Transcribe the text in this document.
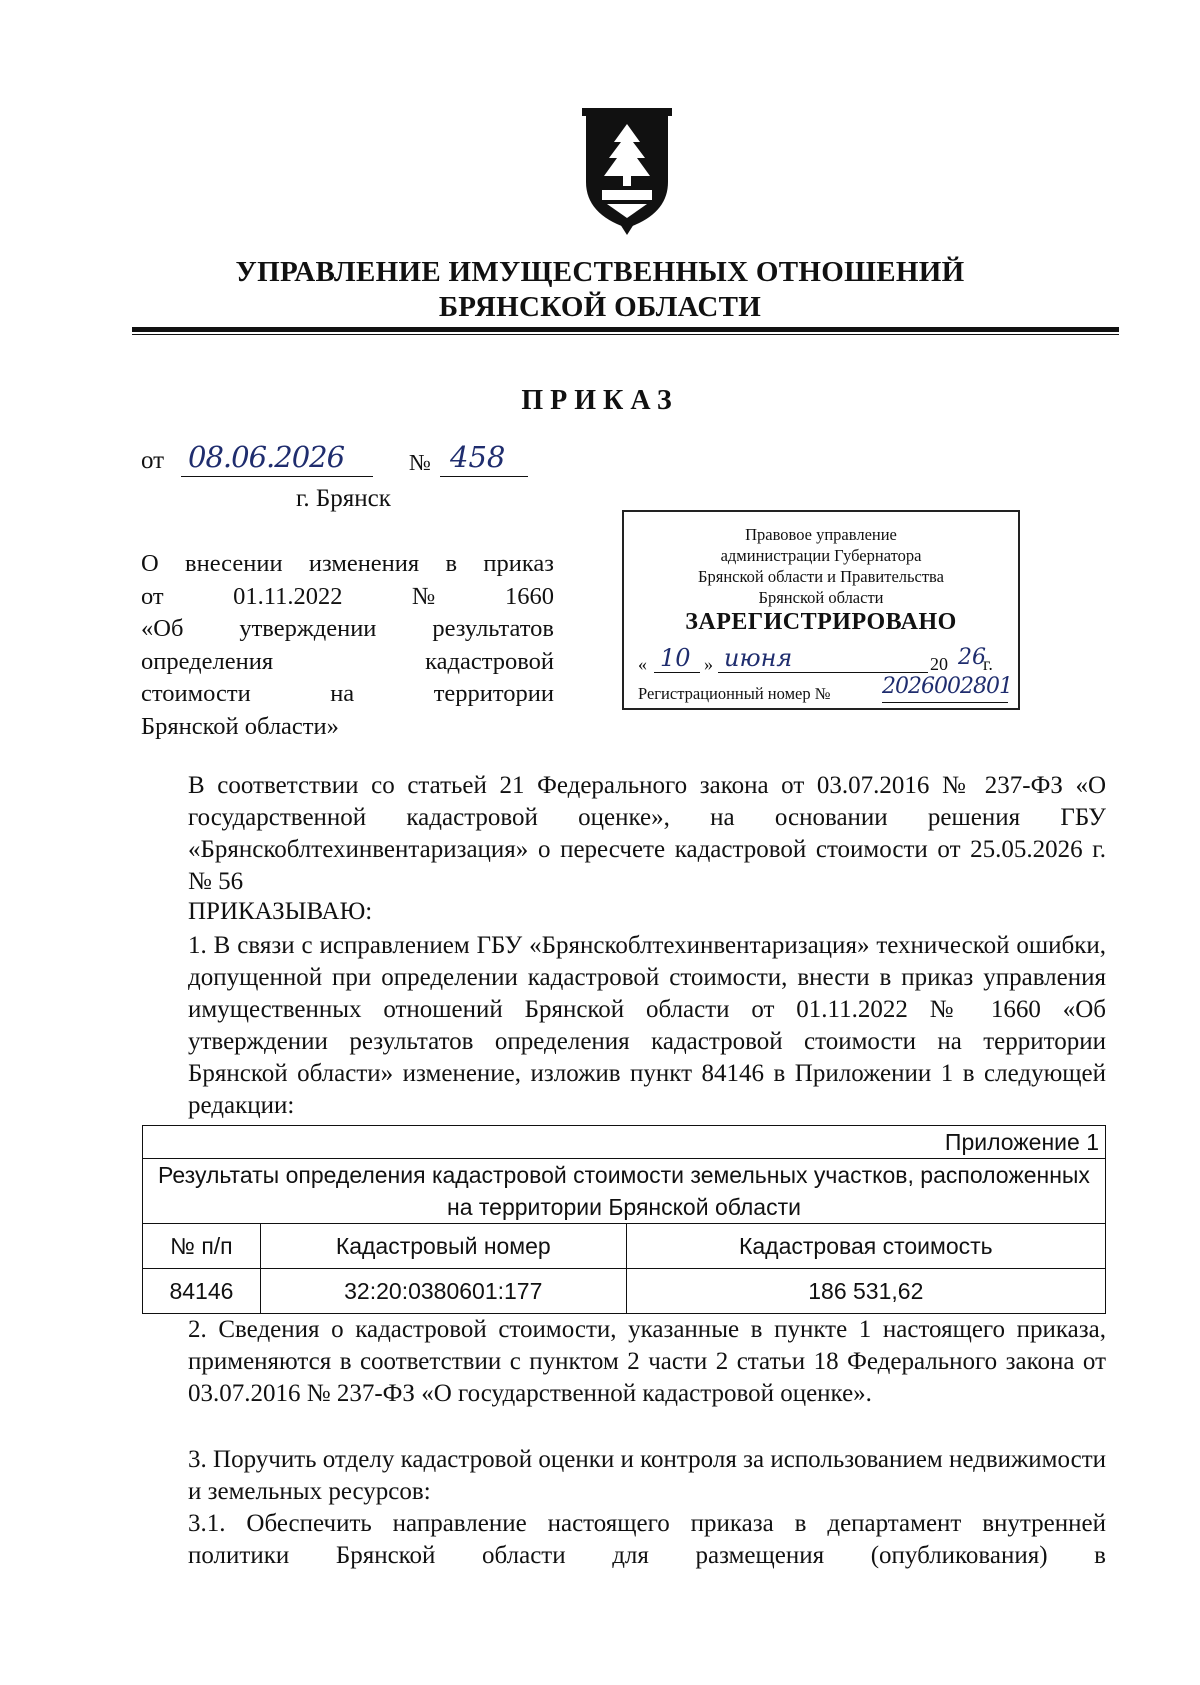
УПРАВЛЕНИЕ ИМУЩЕСТВЕННЫХ ОТНОШЕНИЙ
БРЯНСКОЙ ОБЛАСТИ
ПРИКАЗ
от 08.06.2026	№ 458
г. Брянск
О внесении изменения в приказ
от	01.11.2022	№	1660
«Об утверждении результатов
определения	кадастровой
стоимости	на	территории
Брянской области»
Правовое управление
администрации Губернатора
Брянской области и Правительства
Брянской области
ЗАРЕГИСТРИРОВАНО
« 10 » июня	20 26
г.
Регистрационный номер № 2026002801
В соответствии со статьей 21 Федерального закона от 03.07.2016 № 237-ФЗ «О государственной кадастровой оценке», на основании решения ГБУ «Брянскоблтехинвентаризация» о пересчете кадастровой стоимости от 25.05.2026 г. № 56
ПРИКАЗЫВАЮ:
1. В связи с исправлением ГБУ «Брянскоблтехинвентаризация» технической ошибки, допущенной при определении кадастровой стоимости, внести в приказ управления имущественных отношений Брянской области от 01.11.2022 № 1660 «Об утверждении результатов определения кадастровой стоимости на территории Брянской области» изменение, изложив пункт 84146 в Приложении 1 в следующей редакции:
Приложение 1		
Результаты определения кадастровой стоимости земельных участков, расположенных на территории Брянской области		
№ п/п	Кадастровый номер	Кадастровая стоимость
84146	32:20:0380601:177	186 531,62
2. Сведения о кадастровой стоимости, указанные в пункте 1 настоящего приказа, применяются в соответствии с пунктом 2 части 2 статьи 18 Федерального закона от 03.07.2016 № 237-ФЗ «О государственной кадастровой оценке».
3. Поручить отделу кадастровой оценки и контроля за использованием недвижимости и земельных ресурсов:
3.1. Обеспечить направление настоящего приказа в департамент внутренней политики Брянской области для размещения (опубликования) в
